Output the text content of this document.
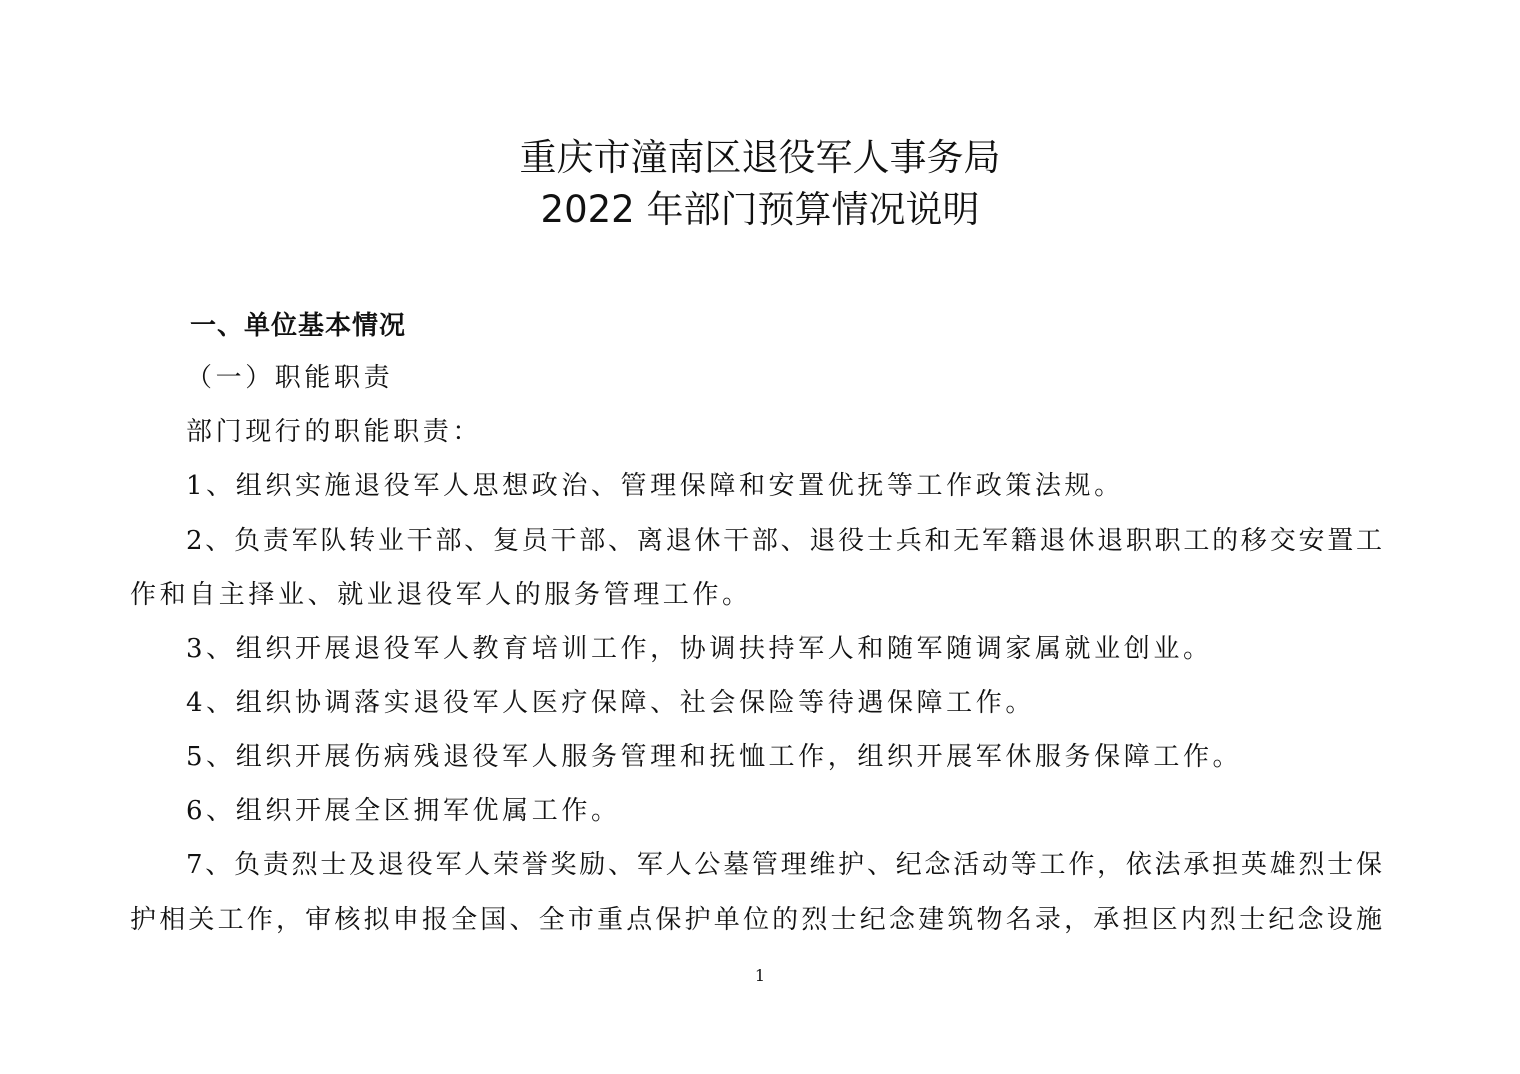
重庆市潼南区退役军人事务局
2022 年部门预算情况说明
一、单位基本情况
（一）职能职责
部门现行的职能职责：
1、组织实施退役军人思想政治、管理保障和安置优抚等工作政策法规。
2、负责军队转业干部、复员干部、离退休干部、退役士兵和无军籍退休退职职工的移交安置工
作和自主择业、就业退役军人的服务管理工作。
3、组织开展退役军人教育培训工作，协调扶持军人和随军随调家属就业创业。
4、组织协调落实退役军人医疗保障、社会保险等待遇保障工作。
5、组织开展伤病残退役军人服务管理和抚恤工作，组织开展军休服务保障工作。
6、组织开展全区拥军优属工作。
7、负责烈士及退役军人荣誉奖励、军人公墓管理维护、纪念活动等工作，依法承担英雄烈士保
护相关工作，审核拟申报全国、全市重点保护单位的烈士纪念建筑物名录，承担区内烈士纪念设施
1
